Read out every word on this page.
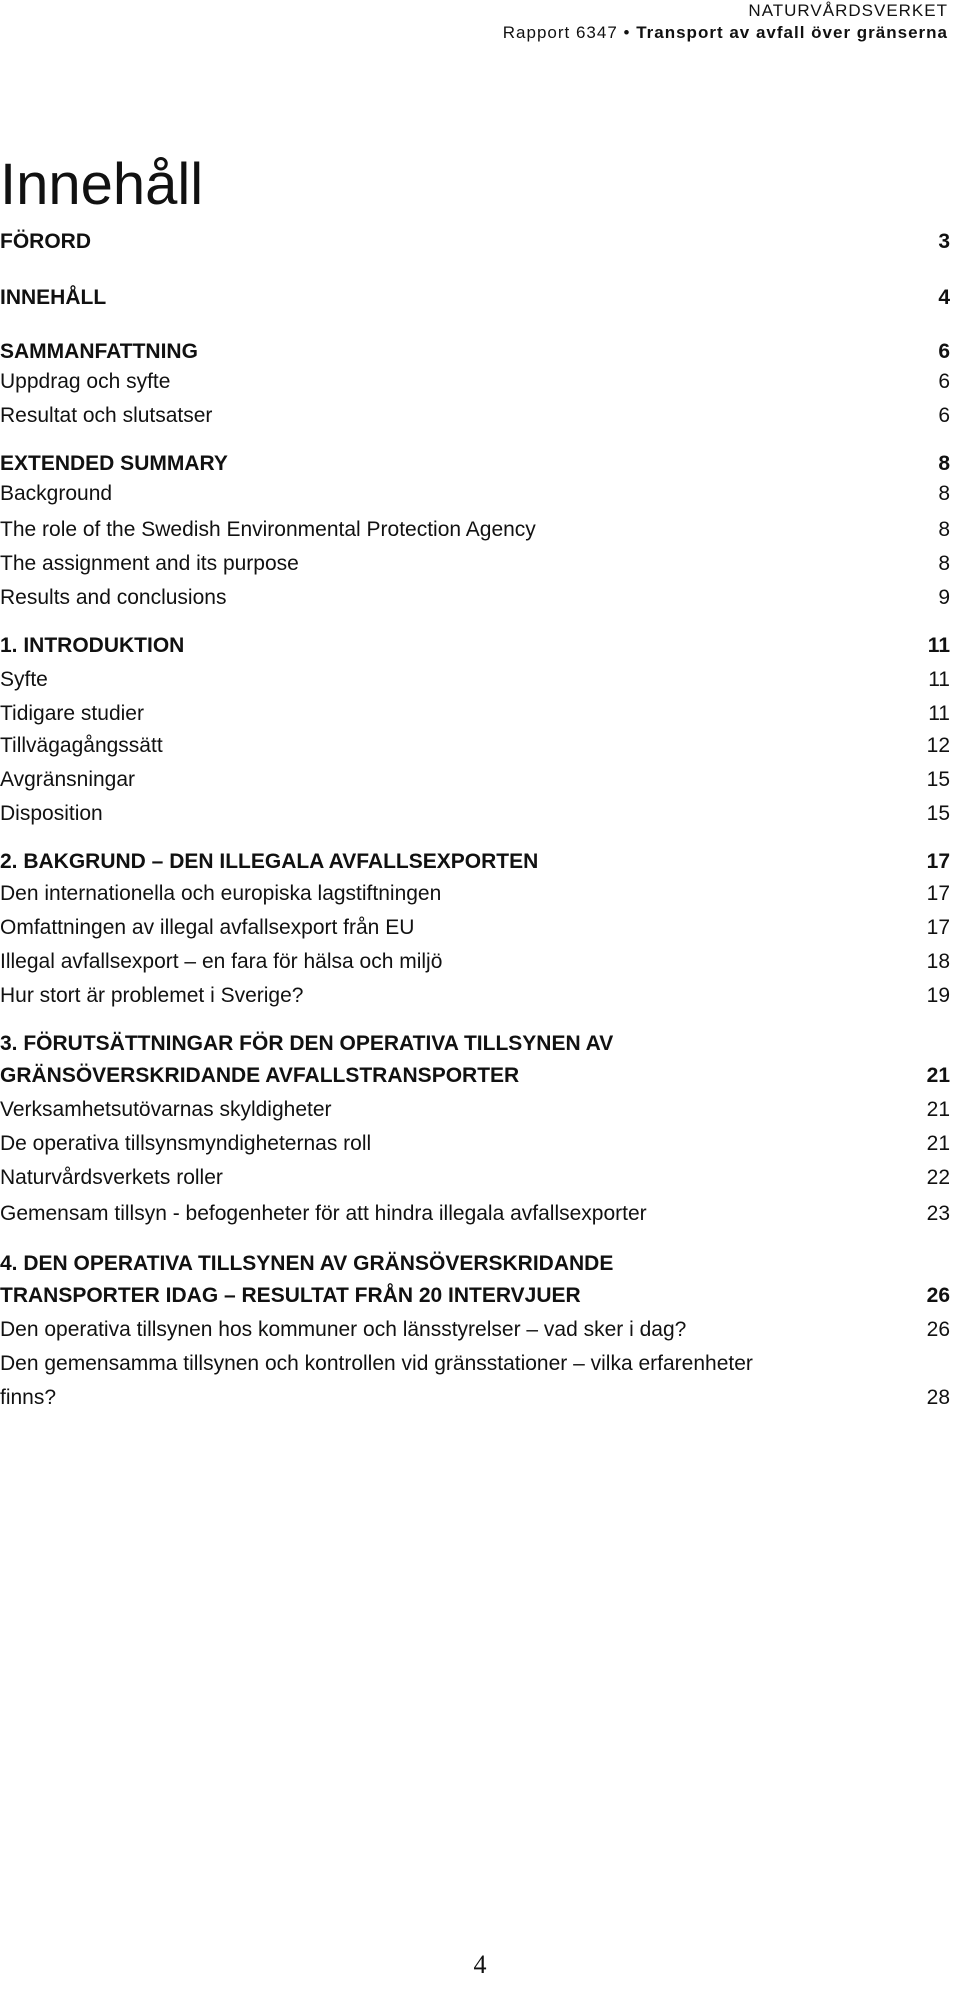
NATURVÅRDSVERKET
Rapport 6347 • Transport av avfall över gränserna
Innehåll
FÖRORD	3
INNEHÅLL	4
SAMMANFATTNING	6
Uppdrag och syfte	6
Resultat och slutsatser	6
EXTENDED SUMMARY	8
Background	8
The role of the Swedish Environmental Protection Agency	8
The assignment and its purpose	8
Results and conclusions	9
1. INTRODUKTION	11
Syfte	11
Tidigare studier	11
Tillvägagångssätt	12
Avgränsningar	15
Disposition	15
2. BAKGRUND – DEN ILLEGALA AVFALLSEXPORTEN	17
Den internationella och europiska lagstiftningen	17
Omfattningen av illegal avfallsexport från EU	17
Illegal avfallsexport – en fara för hälsa och miljö	18
Hur stort är problemet i Sverige?	19
3. FÖRUTSÄTTNINGAR FÖR DEN OPERATIVA TILLSYNEN AV
GRÄNSÖVERSKRIDANDE AVFALLSTRANSPORTER	21
Verksamhetsutövarnas skyldigheter	21
De operativa tillsynsmyndigheternas roll	21
Naturvårdsverkets roller	22
Gemensam tillsyn - befogenheter för att hindra illegala avfallsexporter	23
4. DEN OPERATIVA TILLSYNEN AV GRÄNSÖVERSKRIDANDE
TRANSPORTER IDAG – RESULTAT FRÅN 20 INTERVJUER	26
Den operativa tillsynen hos kommuner och länsstyrelser – vad sker i dag?	26
Den gemensamma tillsynen och kontrollen vid gränsstationer – vilka erfarenheter
finns?	28
4
